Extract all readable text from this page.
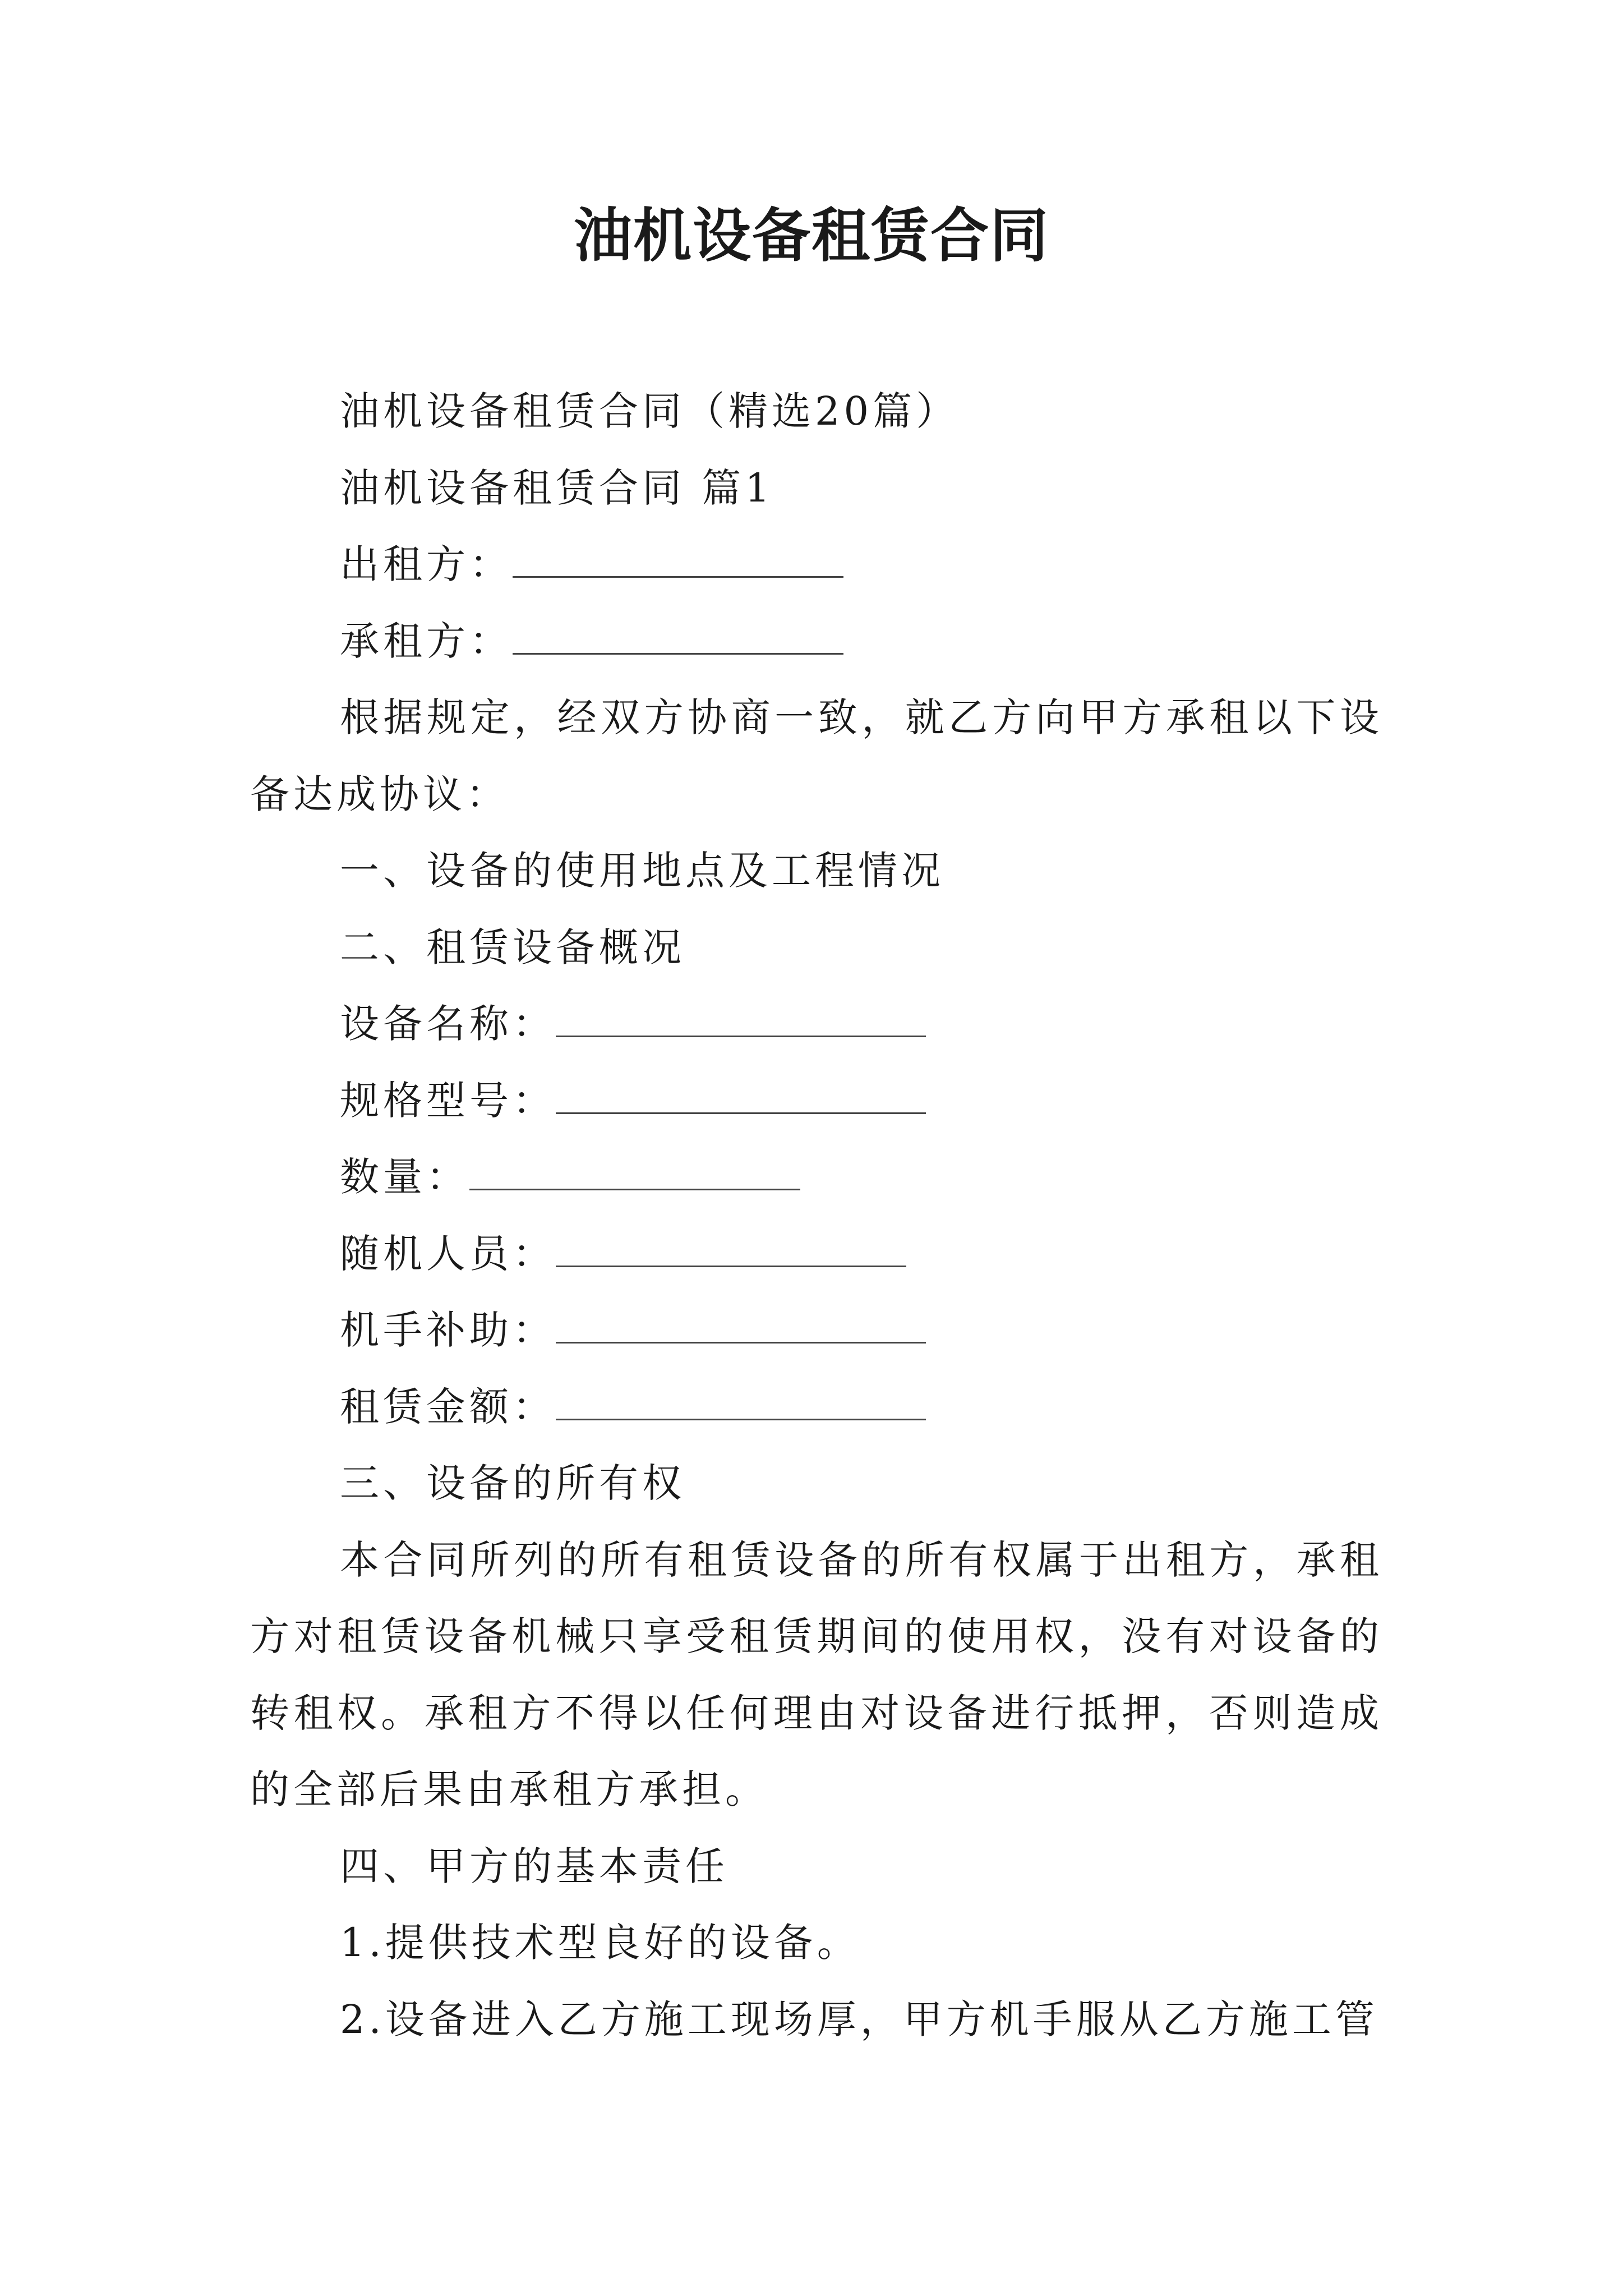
油机设备租赁合同

油机设备租赁合同（精选20篇）

油机设备租赁合同 篇1

出租方：

承租方：

根据规定，经双方协商一致，就乙方向甲方承租以下设备达成协议：

一、设备的使用地点及工程情况

二、租赁设备概况

设备名称：

规格型号：

数量：

随机人员：

机手补助：

租赁金额：

三、设备的所有权

本合同所列的所有租赁设备的所有权属于出租方，承租方对租赁设备机械只享受租赁期间的使用权，没有对设备的转租权。承租方不得以任何理由对设备进行抵押，否则造成的全部后果由承租方承担。

四、甲方的基本责任

1.提供技术型良好的设备。

2.设备进入乙方施工现场厚，甲方机手服从乙方施工管
